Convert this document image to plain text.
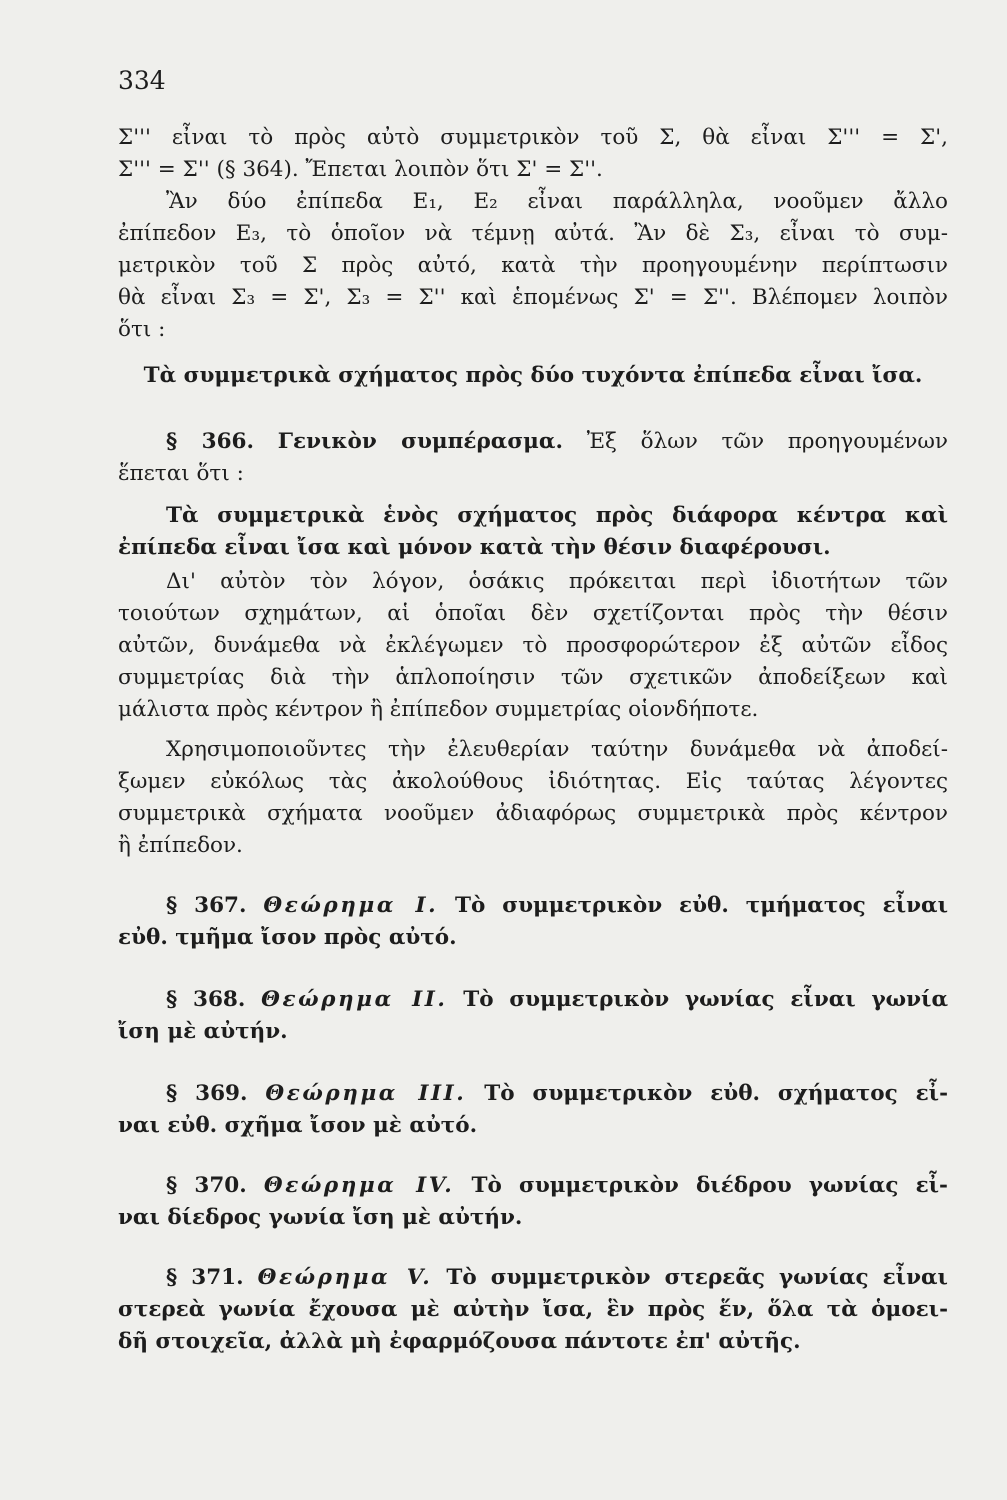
334
Σ''' εἶναι τὸ πρὸς αὐτὸ συμμετρικὸν τοῦ Σ, θὰ εἶναι Σ''' = Σ',
Σ''' = Σ'' (§ 364). Ἔπεται λοιπὸν ὅτι Σ' = Σ''.
Ἂν δύο ἐπίπεδα Ε₁, Ε₂ εἶναι παράλληλα, νοοῦμεν ἄλλο
ἐπίπεδον Ε₃, τὸ ὁποῖον νὰ τέμνῃ αὐτά. Ἂν δὲ Σ₃, εἶναι τὸ συμ-
μετρικὸν τοῦ Σ πρὸς αὐτό, κατὰ τὴν προηγουμένην περίπτωσιν
θὰ εἶναι Σ₃ = Σ', Σ₃ = Σ'' καὶ ἑπομένως Σ' = Σ''. Βλέπομεν λοιπὸν
ὅτι :
Τὰ συμμετρικὰ σχήματος πρὸς δύο τυχόντα ἐπίπεδα εἶναι ἴσα.
§ 366. Γενικὸν συμπέρασμα. Ἐξ ὅλων τῶν προηγουμένων
ἕπεται ὅτι :
Τὰ συμμετρικὰ ἑνὸς σχήματος πρὸς διάφορα κέντρα καὶ
ἐπίπεδα εἶναι ἴσα καὶ μόνον κατὰ τὴν θέσιν διαφέρουσι.
Δι' αὐτὸν τὸν λόγον, ὁσάκις πρόκειται περὶ ἰδιοτήτων τῶν
τοιούτων σχημάτων, αἱ ὁποῖαι δὲν σχετίζονται πρὸς τὴν θέσιν
αὐτῶν, δυνάμεθα νὰ ἐκλέγωμεν τὸ προσφορώτερον ἐξ αὐτῶν εἶδος
συμμετρίας διὰ τὴν ἁπλοποίησιν τῶν σχετικῶν ἀποδείξεων καὶ
μάλιστα πρὸς κέντρον ἢ ἐπίπεδον συμμετρίας οἱονδήποτε.
Χρησιμοποιοῦντες τὴν ἐλευθερίαν ταύτην δυνάμεθα νὰ ἀποδεί-
ξωμεν εὐκόλως τὰς ἀκολούθους ἰδιότητας. Εἰς ταύτας λέγοντες
συμμετρικὰ σχήματα νοοῦμεν ἀδιαφόρως συμμετρικὰ πρὸς κέντρον
ἢ ἐπίπεδον.
§ 367. Θεώρημα I. Τὸ συμμετρικὸν εὐθ. τμήματος εἶναι
εὐθ. τμῆμα ἴσον πρὸς αὐτό.
§ 368. Θεώρημα II. Τὸ συμμετρικὸν γωνίας εἶναι γωνία
ἴση μὲ αὐτήν.
§ 369. Θεώρημα III. Τὸ συμμετρικὸν εὐθ. σχήματος εἶ-
ναι εὐθ. σχῆμα ἴσον μὲ αὐτό.
§ 370. Θεώρημα IV. Τὸ συμμετρικὸν διέδρου γωνίας εἶ-
ναι δίεδρος γωνία ἴση μὲ αὐτήν.
§ 371. Θεώρημα V. Τὸ συμμετρικὸν στερεᾶς γωνίας εἶναι
στερεὰ γωνία ἔχουσα μὲ αὐτὴν ἴσα, ἓν πρὸς ἕν, ὅλα τὰ ὁμοει-
δῆ στοιχεῖα, ἀλλὰ μὴ ἐφαρμόζουσα πάντοτε ἐπ' αὐτῆς.
